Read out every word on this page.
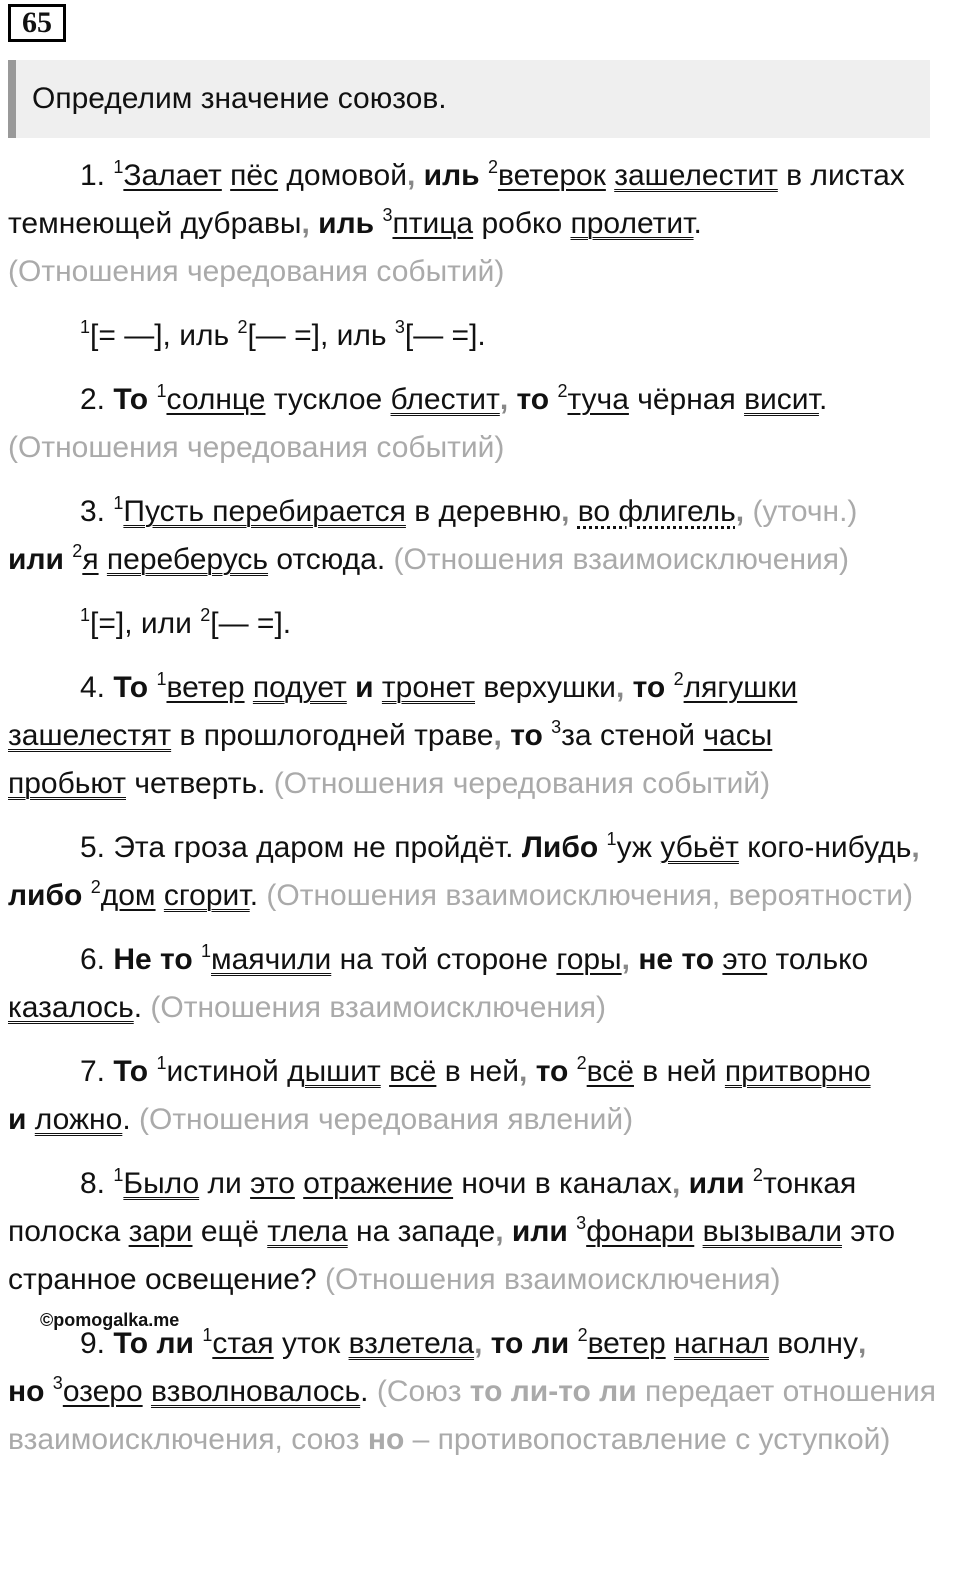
65
Определим значение союзов.

1. $^1$Залает пёс домовой, иль $^2$ветерок зашелестит в листах темнеющей дубравы, иль $^3$птица робко пролетит.
(Отношения чередования событий)

$^1$[= —], иль $^2$[— =], иль $^3$[— =].

2. То $^1$солнце тусклое блестит, то $^2$туча чёрная висит.
(Отношения чередования событий)

3. $^1$Пусть перебирается в деревню, во флигель, (уточн.)
или $^2$я переберусь отсюда. (Отношения взаимоисключения)

$^1$[=], или $^2$[— =].

4. То $^1$ветер подует и тронет верхушки, то $^2$лягушки
зашелестят в прошлогодней траве, то $^3$за стеной часы
пробьют четверть. (Отношения чередования событий)

5. Эта гроза даром не пройдёт. Либо $^1$уж убьёт кого-нибудь, либо $^2$дом сгорит. (Отношения взаимоисключения, вероятности)

6. Не то $^1$маячили на той стороне горы, не то это только
казалось. (Отношения взаимоисключения)

7. То $^1$истиной дышит всё в ней, то $^2$всё в ней притворно
и ложно. (Отношения чередования явлений)

8. $^1$Было ли это отражение ночи в каналах, или $^2$тонкая полоска зари ещё тлела на западе, или $^3$фонари вызывали это странное освещение? (Отношения взаимоисключения)

9. То ли $^1$стая уток взлетела, то ли $^2$ветер нагнал волну,
но $^3$озеро взволновалось. (Союз то ли-то ли передает отношения взаимоисключения, союз но – противопоставление с уступкой)

©pomogalka.me
